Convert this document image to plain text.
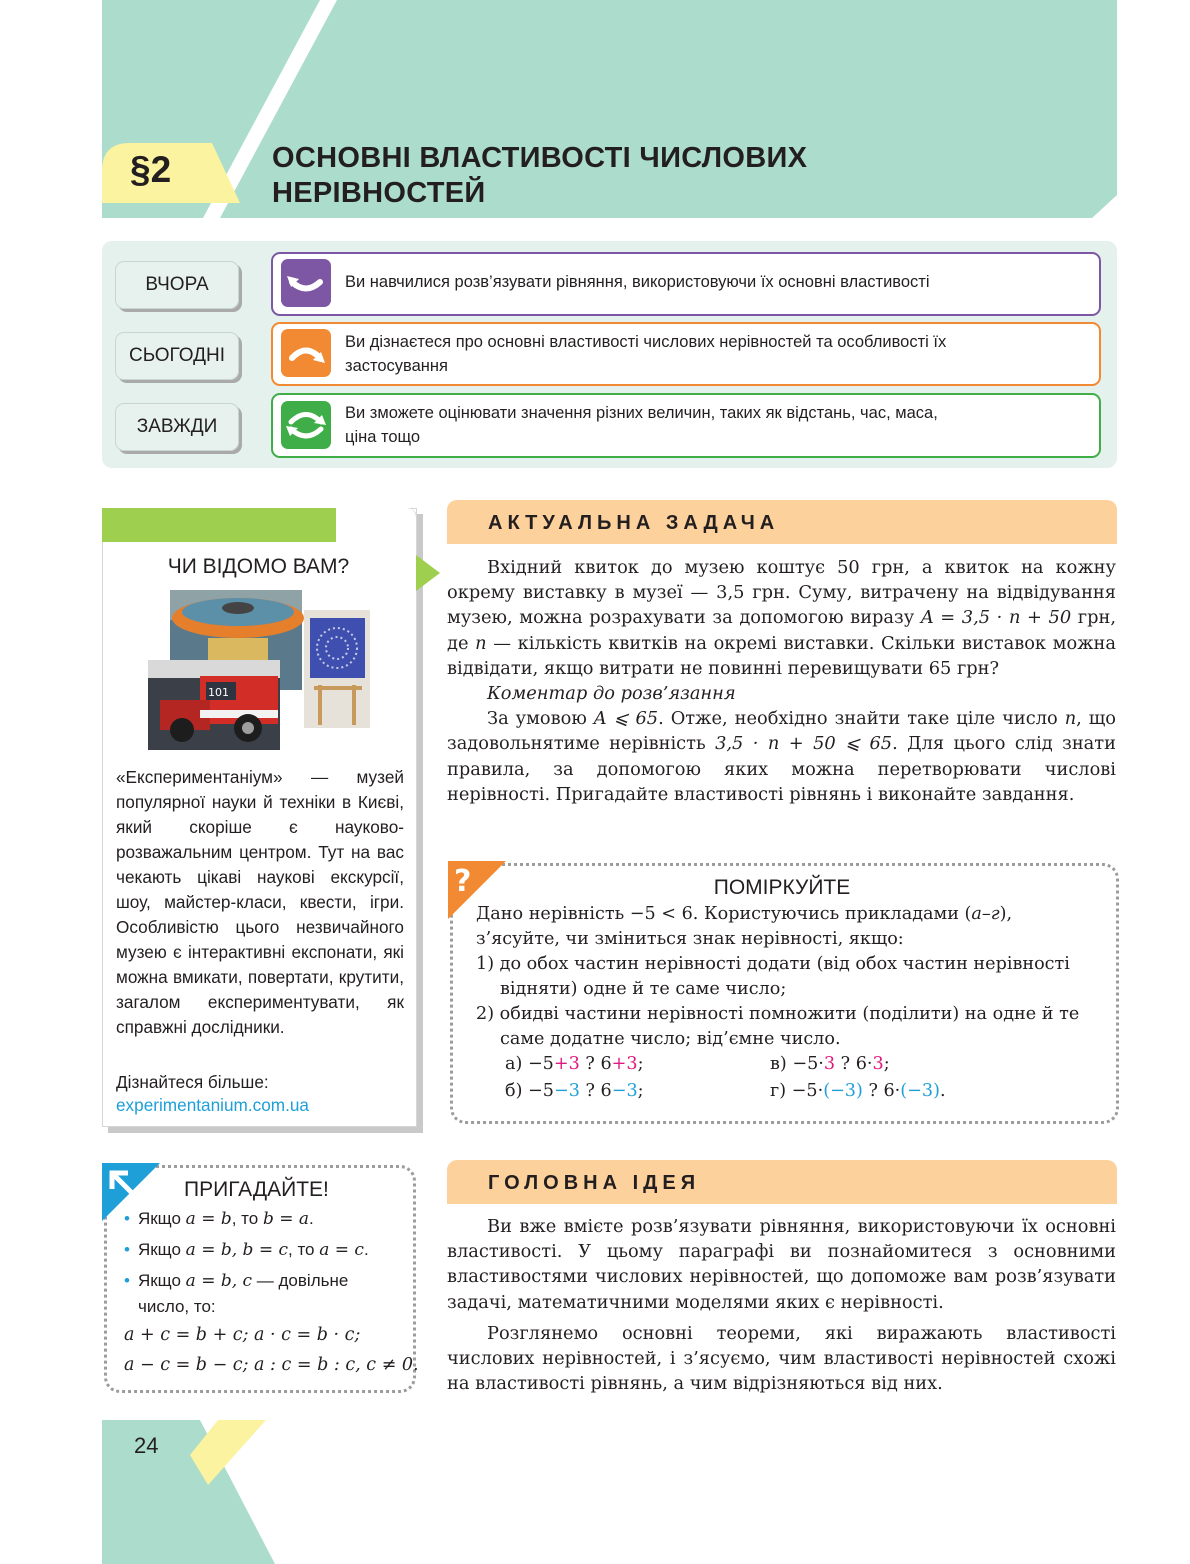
§2	ОСНОВНІ ВЛАСТИВОСТІ ЧИСЛОВИХ
НЕРІВНОСТЕЙ
ВЧОРА
СЬОГОДНІ
ЗАВЖДИ
Ви навчилися розв’язувати рівняння, використовуючи їх основні властивості
Ви дізнаєтеся про основні властивості числових нерівностей та особливості їх
застосування
Ви зможете оцінювати значення різних величин, таких як відстань, час, маса,
ціна тощо
ЧИ ВІДОМО ВАМ?
101
«Експериментаніум» — музей популярної науки й техніки в Києві, який скоріше є науково-розважальним центром. Тут на вас чекають цікаві наукові екскурсії, шоу, майстер-класи, квести, ігри. Особливістю цього незвичайного музею є інтерактивні експонати, які можна вмикати, повертати, крутити, загалом експериментувати, як справжні дослідники.
Дізнайтеся більше:
experimentanium.com.ua
ПРИГАДАЙТЕ!
• Якщо a = b, то b = a.
• Якщо a = b, b = c, то a = c.
• Якщо a = b, c — довільне
число, то:
a + c = b + c; a · c = b · c;
a − c = b − c; a : c = b : c, c ≠ 0.
АКТУАЛЬНА ЗАДАЧА

Вхідний квиток до музею коштує 50 грн, а квиток на кожну окрему виставку в музеї — 3,5 грн. Суму, витрачену на відвідування музею, можна розрахувати за допомогою виразу A = 3,5 · n + 50 грн, де n — кількість квитків на окремі виставки. Скільки виставок можна відвідати, якщо витрати не повинні перевищувати 65 грн?

Коментар до розв’язання

За умовою A ⩽ 65. Отже, необхідно знайти таке ціле число n, що задовольнятиме нерівність 3,5 · n + 50 ⩽ 65. Для цього слід знати правила, за допомогою яких можна перетворювати числові нерівності. Пригадайте властивості рівнянь і виконайте завдання.

?	ПОМІРКУЙТЕ

Дано нерівність −5 < 6. Користуючись прикладами (а–г), з’ясуйте, чи зміниться знак нерівності, якщо:

1) до обох частин нерівності додати (від обох частин нерівності відняти) одне й те саме число;

2) обидві частини нерівності помножити (поділити) на одне й те саме додатне число; від’ємне число.

а) −5+3 ? 6+3;
б) −5−3 ? 6−3;
в) −5·3 ? 6·3;
г) −5·(−3) ? 6·(−3).
ГОЛОВНА ІДЕЯ

Ви вже вмієте розв’язувати рівняння, використовуючи їх основні властивості. У цьому параграфі ви познайомитеся з основними властивостями числових нерівностей, що допоможе вам розв’язувати задачі, математичними моделями яких є нерівності.

Розглянемо основні теореми, які виражають властивості числових нерівностей, і з’ясуємо, чим властивості нерівностей схожі на властивості рівнянь, а чим відрізняються від них.

24
